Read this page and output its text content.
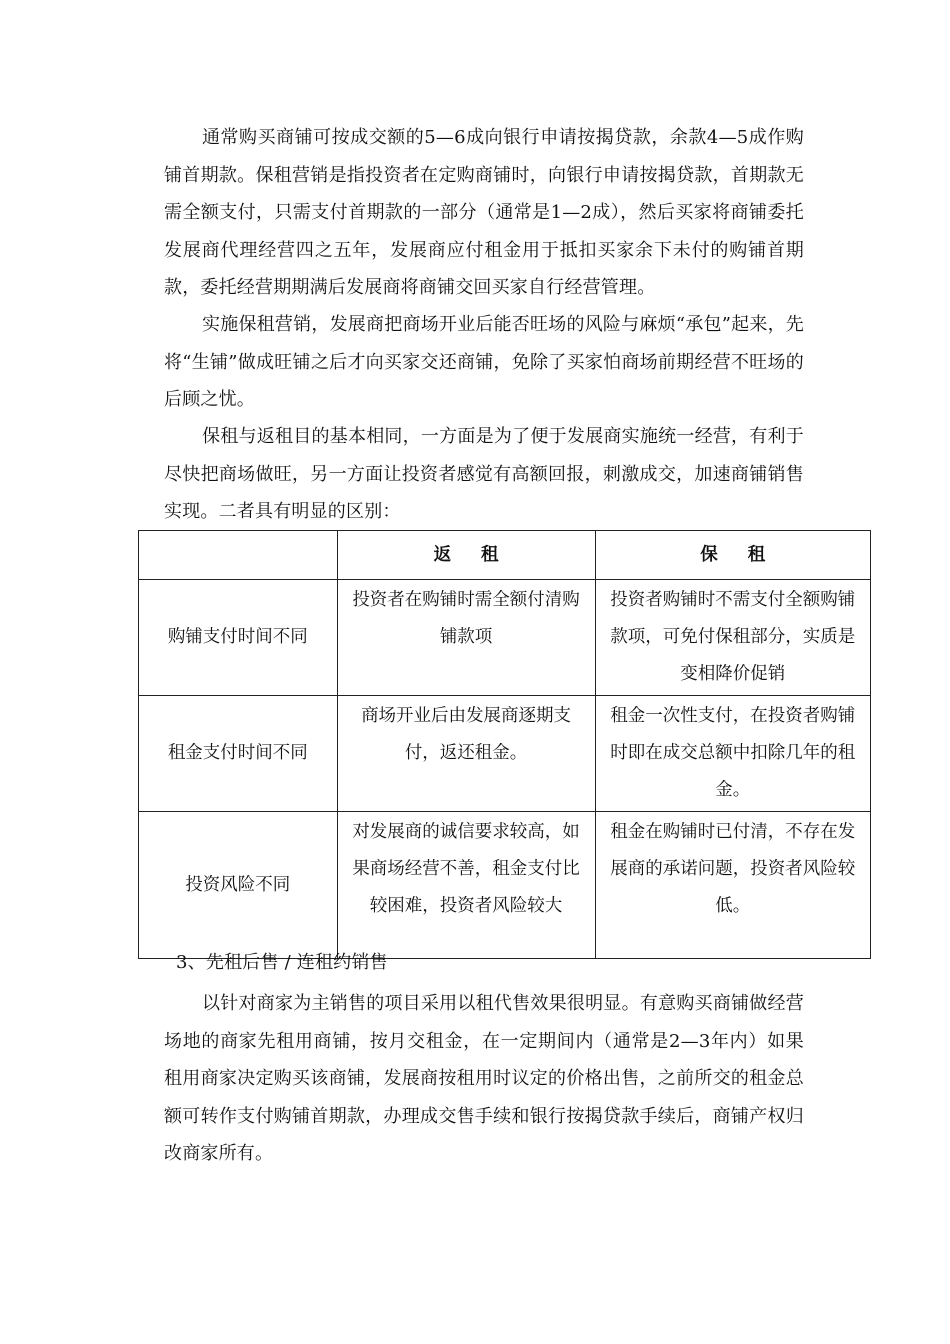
通常购买商铺可按成交额的5—6成向银行申请按揭贷款，余款4—5成作购铺首期款。保租营销是指投资者在定购商铺时，向银行申请按揭贷款，首期款无需全额支付，只需支付首期款的一部分（通常是1—2成），然后买家将商铺委托发展商代理经营四之五年，发展商应付租金用于抵扣买家余下未付的购铺首期款，委托经营期期满后发展商将商铺交回买家自行经营管理。

实施保租营销，发展商把商场开业后能否旺场的风险与麻烦“承包”起来，先将“生铺”做成旺铺之后才向买家交还商铺，免除了买家怕商场前期经营不旺场的后顾之忧。

保租与返租目的基本相同，一方面是为了便于发展商实施统一经营，有利于尽快把商场做旺，另一方面让投资者感觉有高额回报，刺激成交，加速商铺销售实现。二者具有明显的区别：

	返租	保租
购铺支付时间不同	投资者在购铺时需全额付清购铺款项	投资者购铺时不需支付全额购铺款项，可免付保租部分，实质是变相降价促销
租金支付时间不同	商场开业后由发展商逐期支付，返还租金。	租金一次性支付，在投资者购铺时即在成交总额中扣除几年的租金。
投资风险不同	对发展商的诚信要求较高，如果商场经营不善，租金支付比较困难，投资者风险较大	租金在购铺时已付清，不存在发展商的承诺问题，投资者风险较低。

3、先租后售 / 连租约销售

以针对商家为主销售的项目采用以租代售效果很明显。有意购买商铺做经营场地的商家先租用商铺，按月交租金，在一定期间内（通常是2—3年内）如果租用商家决定购买该商铺，发展商按租用时议定的价格出售，之前所交的租金总额可转作支付购铺首期款，办理成交售手续和银行按揭贷款手续后，商铺产权归改商家所有。
